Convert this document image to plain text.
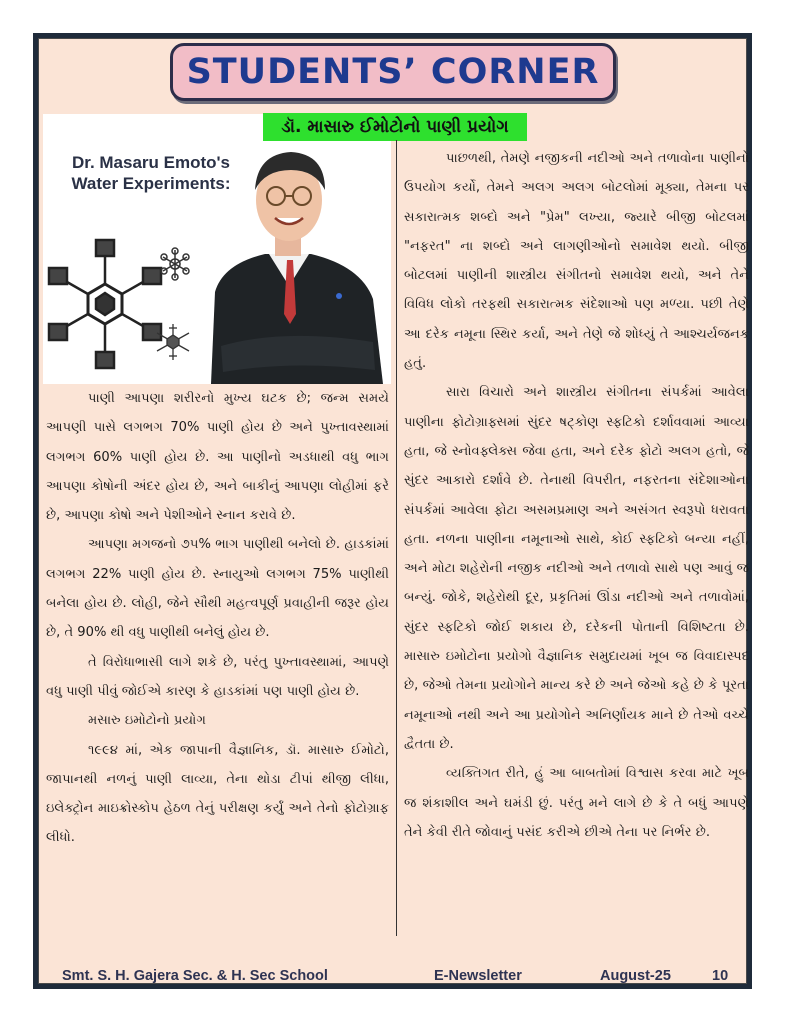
STUDENTS’ CORNER
Dr. Masaru Emoto's Water Experiments:
ડૉ. માસારુ ઈમોટોનો પાણી પ્રયોગ

પાણી આપણા શરીરનો મુખ્ય ઘટક છે; જન્મ સમયે આપણી પાસે લગભગ 70% પાણી હોય છે અને પુખ્તાવસ્થામાં લગભગ 60% પાણી હોય છે. આ પાણીનો અડધાથી વધુ ભાગ આપણા કોષોની અંદર હોય છે, અને બાકીનું આપણા લોહીમાં ફરે છે, આપણા કોષો અને પેશીઓને સ્નાન કરાવે છે.

આપણા મગજનો ૭૫% ભાગ પાણીથી બનેલો છે. હાડકાંમાં લગભગ 22% પાણી હોય છે. સ્નાયુઓ લગભગ 75% પાણીથી બનેલા હોય છે. લોહી, જેને સૌથી મહત્વપૂર્ણ પ્રવાહીની જરૂર હોય છે, તે 90% થી વધુ પાણીથી બનેલું હોય છે.

તે વિરોધાભાસી લાગે શકે છે, પરંતુ પુખ્તાવસ્થામાં, આપણે વધુ પાણી પીવું જોઈએ કારણ કે હાડકાંમાં પણ પાણી હોય છે.

મસારુ ઇમોટોનો પ્રયોગ

૧૯૯૪ માં, એક જાપાની વૈજ્ઞાનિક, ડૉ. માસારુ ઈમોટો, જાપાનથી નળનું પાણી લાવ્યા, તેના થોડા ટીપાં થીજી લીધા, ઇલેક્ટ્રોન માઇક્રોસ્કોપ હેઠળ તેનું પરીક્ષણ કર્યું અને તેનો ફોટોગ્રાફ લીધો.

પાછળથી, તેમણે નજીકની નદીઓ અને તળાવોના પાણીનો ઉપયોગ કર્યો, તેમને અલગ અલગ બોટલોમાં મૂક્યા, તેમના પર સકારાત્મક શબ્દો અને "પ્રેમ" લખ્યા, જ્યારે બીજી બોટલમાં "નફરત" ના શબ્દો અને લાગણીઓનો સમાવેશ થયો. બીજી બોટલમાં પાણીની શાસ્ત્રીય સંગીતનો સમાવેશ થયો, અને તેને વિવિધ લોકો તરફથી સકારાત્મક સંદેશાઓ પણ મળ્યા. પછી તેણે આ દરેક નમૂના સ્થિર કર્યા, અને તેણે જે શોધ્યું તે આશ્ચર્યજનક હતું.

સારા વિચારો અને શાસ્ત્રીય સંગીતના સંપર્કમાં આવેલા પાણીના ફોટોગ્રાફ્સમાં સુંદર ષટ્કોણ સ્ફટિકો દર્શાવવામાં આવ્યા હતા, જે સ્નોવફ્લેક્સ જેવા હતા, અને દરેક ફોટો અલગ હતો, જે સુંદર આકારો દર્શાવે છે. તેનાથી વિપરીત, નફરતના સંદેશાઓના સંપર્કમાં આવેલા ફોટા અસમપ્રમાણ અને અસંગત સ્વરૂપો ધરાવતા હતા. નળના પાણીના નમૂનાઓ સાથે, કોઈ સ્ફટિકો બન્યા નહીં, અને મોટા શહેરોની નજીક નદીઓ અને તળાવો સાથે પણ આવું જ બન્યું. જોકે, શહેરોથી દૂર, પ્રકૃતિમાં ઊંડા નદીઓ અને તળાવોમાં, સુંદર સ્ફટિકો જોઈ શકાય છે, દરેકની પોતાની વિશિષ્ટતા છે. માસારુ ઇમોટોના પ્રયોગો વૈજ્ઞાનિક સમુદાયમાં ખૂબ જ વિવાદાસ્પદ છે, જેઓ તેમના પ્રયોગોને માન્ય કરે છે અને જેઓ કહે છે કે પૂરતા નમૂનાઓ નથી અને આ પ્રયોગોને અનિર્ણાયક માને છે તેઓ વચ્ચે દ્વૈતતા છે.

વ્યક્તિગત રીતે, હું આ બાબતોમાં વિશ્વાસ કરવા માટે ખૂબ જ શંકાશીલ અને ઘમંડી છું. પરંતુ મને લાગે છે કે તે બધું આપણે તેને કેવી રીતે જોવાનું પસંદ કરીએ છીએ તેના પર નિર્ભર છે.

Smt. S. H. Gajera Sec. & H. Sec School	E-Newsletter	August-25	10
